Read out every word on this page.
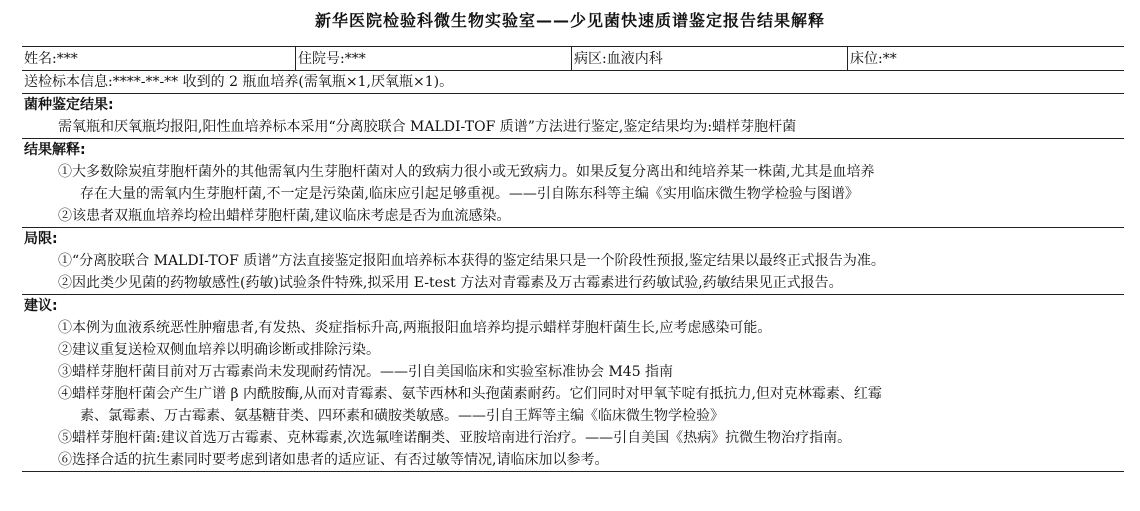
新华医院检验科微生物实验室——少见菌快速质谱鉴定报告结果解释
姓名:***	住院号:***	病区:血液内科	床位:**
送检标本信息:****-**-** 收到的 2 瓶血培养(需氧瓶×1,厌氧瓶×1)。
菌种鉴定结果:
需氧瓶和厌氧瓶均报阳,阳性血培养标本采用“分离胶联合 MALDI-TOF 质谱”方法进行鉴定,鉴定结果均为:蜡样芽胞杆菌
结果解释:
①大多数除炭疽芽胞杆菌外的其他需氧内生芽胞杆菌对人的致病力很小或无致病力。如果反复分离出和纯培养某一株菌,尤其是血培养
存在大量的需氧内生芽胞杆菌,不一定是污染菌,临床应引起足够重视。——引自陈东科等主编《实用临床微生物学检验与图谱》
②该患者双瓶血培养均检出蜡样芽胞杆菌,建议临床考虑是否为血流感染。
局限:
①“分离胶联合 MALDI-TOF 质谱”方法直接鉴定报阳血培养标本获得的鉴定结果只是一个阶段性预报,鉴定结果以最终正式报告为准。
②因此类少见菌的药物敏感性(药敏)试验条件特殊,拟采用 E-test 方法对青霉素及万古霉素进行药敏试验,药敏结果见正式报告。
建议:
①本例为血液系统恶性肿瘤患者,有发热、炎症指标升高,两瓶报阳血培养均提示蜡样芽胞杆菌生长,应考虑感染可能。
②建议重复送检双侧血培养以明确诊断或排除污染。
③蜡样芽胞杆菌目前对万古霉素尚未发现耐药情况。——引自美国临床和实验室标准协会 M45 指南
④蜡样芽胞杆菌会产生广谱 β 内酰胺酶,从而对青霉素、氨苄西林和头孢菌素耐药。它们同时对甲氧苄啶有抵抗力,但对克林霉素、红霉
素、氯霉素、万古霉素、氨基糖苷类、四环素和磺胺类敏感。——引自王辉等主编《临床微生物学检验》
⑤蜡样芽胞杆菌:建议首选万古霉素、克林霉素,次选氟喹诺酮类、亚胺培南进行治疗。——引自美国《热病》抗微生物治疗指南。
⑥选择合适的抗生素同时要考虑到诸如患者的适应证、有否过敏等情况,请临床加以参考。
